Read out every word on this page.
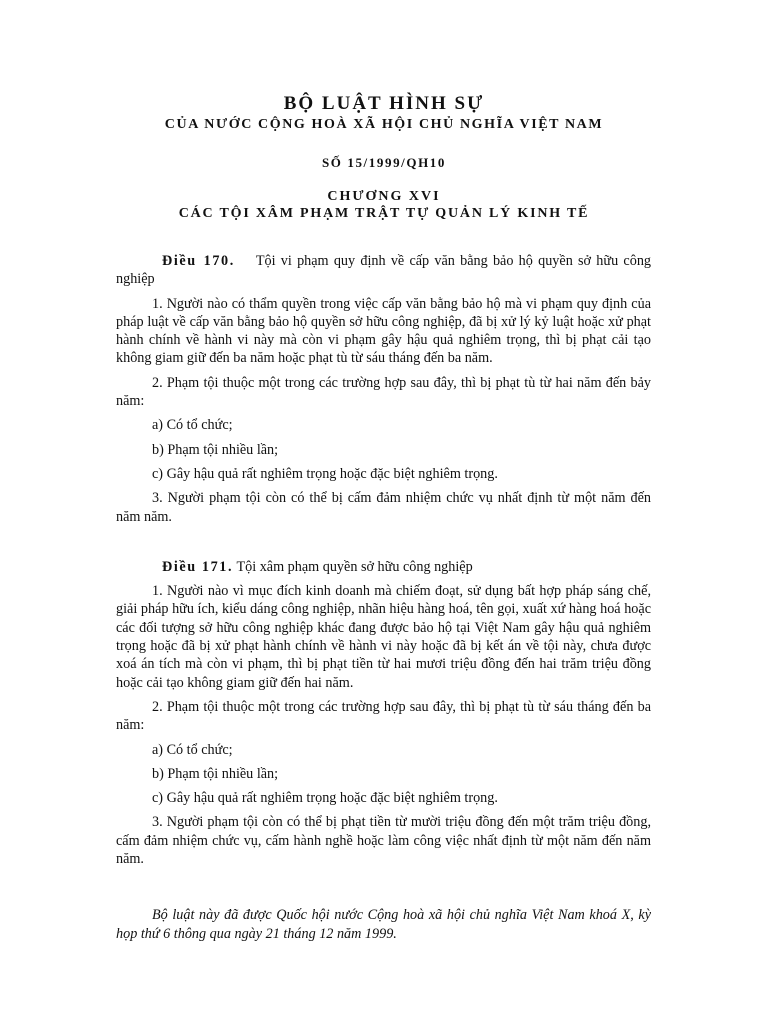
BỘ LUẬT HÌNH SỰ
CỦA NƯỚC CỘNG HOÀ XÃ HỘI CHỦ NGHĨA VIỆT NAM
SỐ 15/1999/QH10
CHƯƠNG XVI
CÁC TỘI XÂM PHẠM TRẬT TỰ QUẢN LÝ KINH TẾ

Điều 170. Tội vi phạm quy định về cấp văn bằng bảo hộ quyền sở hữu công nghiệp

1. Người nào có thẩm quyền trong việc cấp văn bằng bảo hộ mà vi phạm quy định của pháp luật về cấp văn bằng bảo hộ quyền sở hữu công nghiệp, đã bị xử lý kỷ luật hoặc xử phạt hành chính về hành vi này mà còn vi phạm gây hậu quả nghiêm trọng, thì bị phạt cải tạo không giam giữ đến ba năm hoặc phạt tù từ sáu tháng đến ba năm.

2. Phạm tội thuộc một trong các trường hợp sau đây, thì bị phạt tù từ hai năm đến bảy năm:

a) Có tổ chức;

b) Phạm tội nhiều lần;

c) Gây hậu quả rất nghiêm trọng hoặc đặc biệt nghiêm trọng.

3. Người phạm tội còn có thể bị cấm đảm nhiệm chức vụ nhất định từ một năm đến năm năm.

Điều 171. Tội xâm phạm quyền sở hữu công nghiệp

1. Người nào vì mục đích kinh doanh mà chiếm đoạt, sử dụng bất hợp pháp sáng chế, giải pháp hữu ích, kiểu dáng công nghiệp, nhãn hiệu hàng hoá, tên gọi, xuất xứ hàng hoá hoặc các đối tượng sở hữu công nghiệp khác đang được bảo hộ tại Việt Nam gây hậu quả nghiêm trọng hoặc đã bị xử phạt hành chính về hành vi này hoặc đã bị kết án về tội này, chưa được xoá án tích mà còn vi phạm, thì bị phạt tiền từ hai mươi triệu đồng đến hai trăm triệu đồng hoặc cải tạo không giam giữ đến hai năm.

2. Phạm tội thuộc một trong các trường hợp sau đây, thì bị phạt tù từ sáu tháng đến ba năm:

a) Có tổ chức;

b) Phạm tội nhiều lần;

c) Gây hậu quả rất nghiêm trọng hoặc đặc biệt nghiêm trọng.

3. Người phạm tội còn có thể bị phạt tiền từ mười triệu đồng đến một trăm triệu đồng, cấm đảm nhiệm chức vụ, cấm hành nghề hoặc làm công việc nhất định từ một năm đến năm năm.

Bộ luật này đã được Quốc hội nước Cộng hoà xã hội chủ nghĩa Việt Nam khoá X, kỳ họp thứ 6 thông qua ngày 21 tháng 12 năm 1999.
